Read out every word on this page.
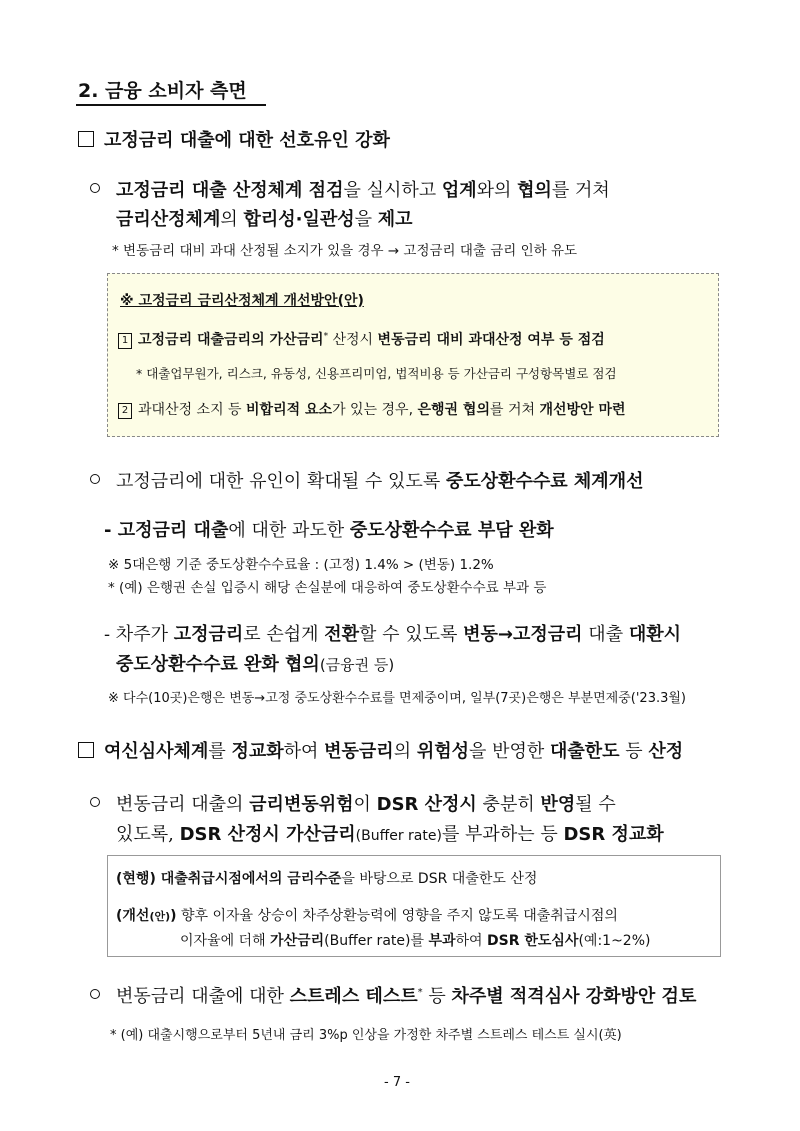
2. 금융 소비자 측면
고정금리 대출에 대한 선호유인 강화
고정금리 대출 산정체계 점검을 실시하고 업계와의 협의를 거쳐
금리산정체계의 합리성·일관성을 제고
* 변동금리 대비 과대 산정될 소지가 있을 경우 → 고정금리 대출 금리 인하 유도
※ 고정금리 금리산정체계 개선방안(안)
1 고정금리 대출금리의 가산금리* 산정시 변동금리 대비 과대산정 여부 등 점검
* 대출업무원가, 리스크, 유동성, 신용프리미엄, 법적비용 등 가산금리 구성항목별로 점검
2 과대산정 소지 등 비합리적 요소가 있는 경우, 은행권 협의를 거쳐 개선방안 마련
고정금리에 대한 유인이 확대될 수 있도록 중도상환수수료 체계개선
- 고정금리 대출에 대한 과도한 중도상환수수료 부담 완화
※ 5대은행 기준 중도상환수수료율 : (고정) 1.4% > (변동) 1.2%
* (예) 은행권 손실 입증시 해당 손실분에 대응하여 중도상환수수료 부과 등
- 차주가 고정금리로 손쉽게 전환할 수 있도록 변동→고정금리 대출 대환시
중도상환수수료 완화 협의(금융권 등)
※ 다수(10곳)은행은 변동→고정 중도상환수수료를 면제중이며, 일부(7곳)은행은 부분면제중('23.3월)
여신심사체계를 정교화하여 변동금리의 위험성을 반영한 대출한도 등 산정
변동금리 대출의 금리변동위험이 DSR 산정시 충분히 반영될 수
있도록, DSR 산정시 가산금리(Buffer rate)를 부과하는 등 DSR 정교화
(현행) 대출취급시점에서의 금리수준을 바탕으로 DSR 대출한도 산정
(개선(안)) 향후 이자율 상승이 차주상환능력에 영향을 주지 않도록 대출취급시점의
이자율에 더해 가산금리(Buffer rate)를 부과하여 DSR 한도심사(예:1~2%)
변동금리 대출에 대한 스트레스 테스트* 등 차주별 적격심사 강화방안 검토
* (예) 대출시행으로부터 5년내 금리 3%p 인상을 가정한 차주별 스트레스 테스트 실시(英)
- 7 -
